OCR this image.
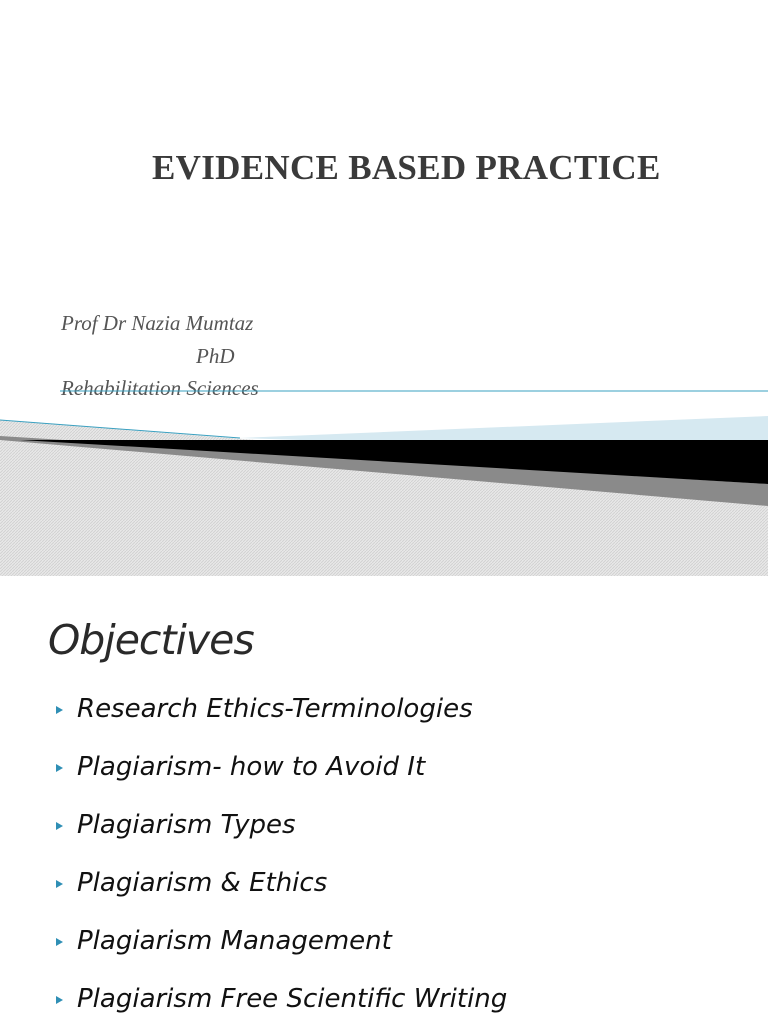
EVIDENCE BASED PRACTICE
Prof Dr Nazia Mumtaz
PhD
Rehabilitation Sciences
Objectives
Research Ethics-Terminologies
Plagiarism- how to Avoid It
Plagiarism Types
Plagiarism & Ethics
Plagiarism Management
Plagiarism Free Scientific Writing
